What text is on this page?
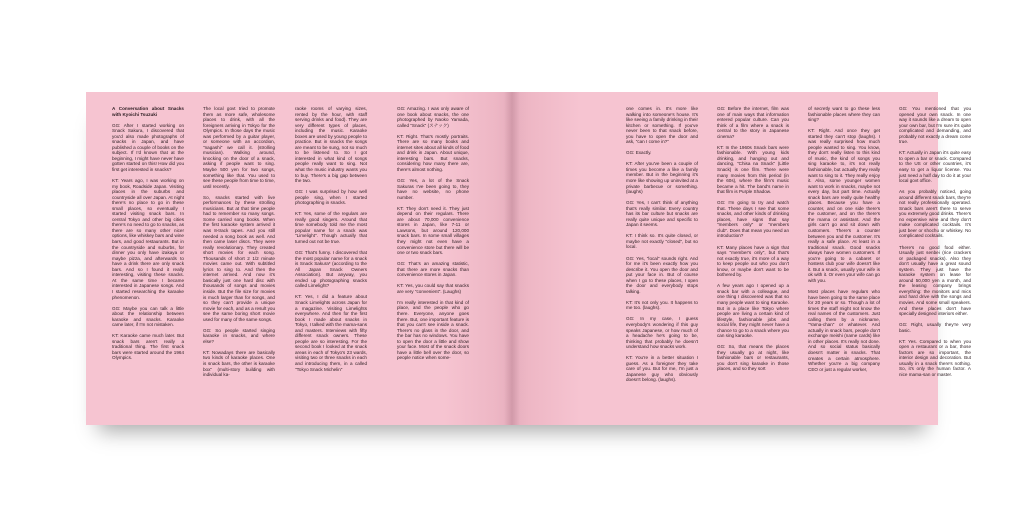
A Conversation about Snacks with Kyoichi Tsuzuki

GG: After I started working on Snack Sakura, I discovered that you'd also made photographs of snacks in Japan, and have published a couple of books on the subject. If I'd known that at the beginning, I might have never have gotten started on this! How did you first get interested in snacks?

KT: Years ago, I was working on my book, Roadside Japan. Visiting places in the suburbs and countryside all over Japan. At night there's no place to go in these small places, so eventually I started visiting snack bars. In central Tokyo and other big cities there's no need to go to snacks, as there are so many other nicer options, like whiskey bars and wine bars, and good restaurants. But in the countryside and suburbs, for dinner you only have izakaya or maybe pizza, and afterwards to have a drink there are only snack bars. And so I found it really interesting, visiting these snacks. At the same time I became interested in Japanese songs. And I started researching the karaoke phenomenon.

GG: Maybe you can talk a little about the relationship between karaoke and snacks. Karaoke came later, if I'm not mistaken.

KT: Karaoke came much later. But snack bars aren't really a traditional thing. The first snack bars were started around the 1964 Olympics.

The local govt tried to promote them as more safe, wholesome places to drink, with all the foreigners arriving in Tokyo for the Olympics. In those days the music was performed by a guitar player, or someone with an accordion, "nagashi" we call it. (strolling musician). Walking around, knocking on the door of a snack, asking if people want to sing. Maybe 500 yen for two songs, something like that. You used to see these people from time to time, until recently.

So, snacks started with live performances by these strolling musicians. But at that time people had to remember so many songs. Some carried song books. When the first karaoke system arrived it was 8-track tapes. And you still needed a song book as well. And then came laser discs. They were really revolutionary. They created short movies for each song. Thousands of short 2 1/2 minute movies came out. With subtitled lyrics to sing to. And then the internet arrived. And now it's basically just one hard disc with thousands of songs and movies inside. But the file size for movies is much larger than for songs, and so they can't provide a unique movie for each, and as a result you see the same boring short movie used for many of the same songs.

GG: So people started singing karaoke in snacks, and where else?

KT: Nowadays there are basically two kinds of karaoke places. One is snack bars, the other is karaoke box" (multi-story building with individual ka-

raoke rooms of varying sizes, rented by the hour, with staff serving drinks and food). They are very different types of places, including the music. Karaoke boxes are used by young people to practice. But in snacks the songs are meant to be sung, not so much to be listened to. So I got interested in what kind of songs people really want to sing. Not what the music industry wants you to buy. There's a big gap between the two.

GG: I was surprised by how well people sing, when I started photographing in snacks.

KT: Yes, some of the regulars are really good singers. Around that time somebody told me the most popular name for a snack was "Limelight". Though actually that turned out not be true.

GG: That's funny. I discovered that the most popular name for a snack is Snack Sakura* (according to the All Japan Snack Owners Association). But anyway, you ended up photographing snacks called Limelight?

KT: Yes, I did a feature about Snack Limelights across Japan for a magazine. Visiting Limelights everywhere. And then for the first book I made about snacks in Tokyo, I talked with the mama-sans and masters. Interviews with fifty different snack owners. These people are so interesting. For the second book I looked at the snack areas in each of Tokyo's 23 wards, visiting two or three snacks in each and introducing them, in a called "Tokyo Snack Michelin"

GG: Amazing. I was only aware of one book about snacks, the one photographed by Naoko Yamada, called "Snack" (スナック)

KT: Right. That's mostly portraits. There are so many books and internet sites about all kinds of food and drink in Japan. About unique, interesting bars. But snacks, considering how many there are, there's almost nothing.

GG: Yes, a lot of the Snack Sakuras I've been going to, they have no website, no phone number.

KT: They don't need it. They just depend on their regulars. There are about 70,000 convenience stores in Japan, like 7-11 or Lawsons, but around 120,000 snack bars. In some small villages they might not even have a convenience store but there will be one or two snack bars.

GG: That's an amazing statistic, that there are more snacks than convenience stores in Japan.

KT: Yes, you could say that snacks are very "convenient". (Laughs)

I'm really interested in that kind of place, and the people who go there. Everyone, anyone goes there. But, one important feature is that you can't see inside a snack. There's no glass in the door, and the bar has no windows. You have to open the door a little and show your face. Most of the snack doors have a little bell over the door, so people notice when some-

one comes in. It's more like walking into someone's house. It's like seeing a family drinking in their kitchen or something. If you've never been to that snack before, you have to open the door and ask, "can I come in?"

GG: Exactly.

KT: After you've been a couple of times you become a like a family member. But in the beginning it's more like showing up uninvited at a private barbecue or something. (laughs)

GG: Yes, I can't think of anything that's really similar. Every country has its bar culture but snacks are really quite unique and specific to Japan it seems.

KT: I think so. It's quite closed, or maybe not exactly "closed", but so local.

GG: Yes, "local" sounds right. And for me it's been exactly how you describe it. You open the door and put your face in. But of course when I go to these places, I open the door and everybody stops talking.

KT: It's not only you. It happens to me too. (laughs).

GG: In my case, I guess everybody's wondering if this guy speaks Japanese, or how much of a headache he's going to be, thinking that probably he doesn't understand how snacks work.

KT: You're in a better situation I guess. As a foreigner they take care of you. But for me, I'm just a Japanese guy who obviously doesn't belong. (laughs).

GG: Before the internet, film was one of main ways that information entered popular culture. Can you think of a film where a snack is central to the story in Japanese cinema?

KT: In the 1960s Snack bars were fashionable. With young kids drinking, and hanging out and dancing, "Chisa na Snack" (Little Snack) is one film. There were many movies from this period (in the 60s), where the film's music became a hit. The band's name in that film is Purple Shadow.

GG: I'm going to try and watch that. These days I see that some snacks, and other kinds of drinking places, have signs that say "members only" or "members club". Does that mean you need an introduction?

KT: Many places have a sign that says "member's only", but that's not exactly true, it's more of a way to keep people out who you don't know, or maybe don't want to be bothered by.

A few years ago I opened up a snack bar with a colleague, and one thing I discovered was that so many people want to sing Karaoke. But in a place like Tokyo where people are living a certain kind of lifestyle, fashionable jobs and social life, they might never have a chance to go to a snack where you can sing karaoke.

GG: So, that means the places they usually go at night, like fashionable bars or restaurants, you don't sing karaoke in those places, and so they sort

of secretly want to go these less fashionable places where they can sing?

KT: Right. And once they get started they can't stop (laughs). I was really surprised how much people wanted to sing. You know, they don't really listen to this kind of music, the kind of songs you sing karaoke to, it's not really fashionable, but actually they really want to sing to it. They really enjoy it. Also, some younger women want to work in snacks, maybe not every day, but part time. Actually snack bars are really quite healthy places. Because you have a counter, and on one side there's the customer, and on the there's the mama or assistant. And the girls can't go and sit down with customers. There's a counter between you and the customer. It's really a safe place. At least in a traditional snack. Good snacks always have women customers. If you're going to a cabaret or hostess club your wife doesn't like it. But a snack, usually your wife is ok with it. Or even your wife can go with you.

Most places have regulars who have been going to the same place for 20 years or so. Though a lot of times the staff might not know the real names of the customers. Just calling them by a nickname, "Yama-chan" or whatever. And actually in snack bars, people don't exchange meishi (name cards) like in other places. It's really not done. And so social status basically doesn't matter in snacks. That creates a certain atmosphere. Whether you're a big company CEO or just a regular worker,

GG: You mentioned that you opened your own snack. In one way it sounds like a dream to open your own bar, but I'm sure it's quite complicated and demanding, and probably not exactly a dream come true.

KT: Actually in Japan it's quite easy to open a bar or snack. Compared to the US or other countries, it's easy to get a liquor license. You just need a half day to do it at your local govt office.

As you probably noticed, going around different snack bars, they're not really professionally operated. Snack bars aren't there to serve you extremely good drinks. There's no expensive wine and they don't make complicated cocktails. It's just beer or shochu or whiskey. No complicated cocktails.

There's no good food either. Usually just senbei (rice crackers or packaged snacks). Also they don't usually have a great sound system. They just have the karaoke system on lease for around 50,000 yen a month, and the leasing company brings everything: the monitors and mics and hard drive with the songs and movies. And some small speakers. And these places don't have specially designed interiors either.

GG: Right, usually they're very basic.

KT: Yes. Compared to when you open a restaurant or a bar, those factors are so important, the interior design and decoration. But usually in a snack there's nothing. So, it's only the human factor. A nice mama-san or master.
